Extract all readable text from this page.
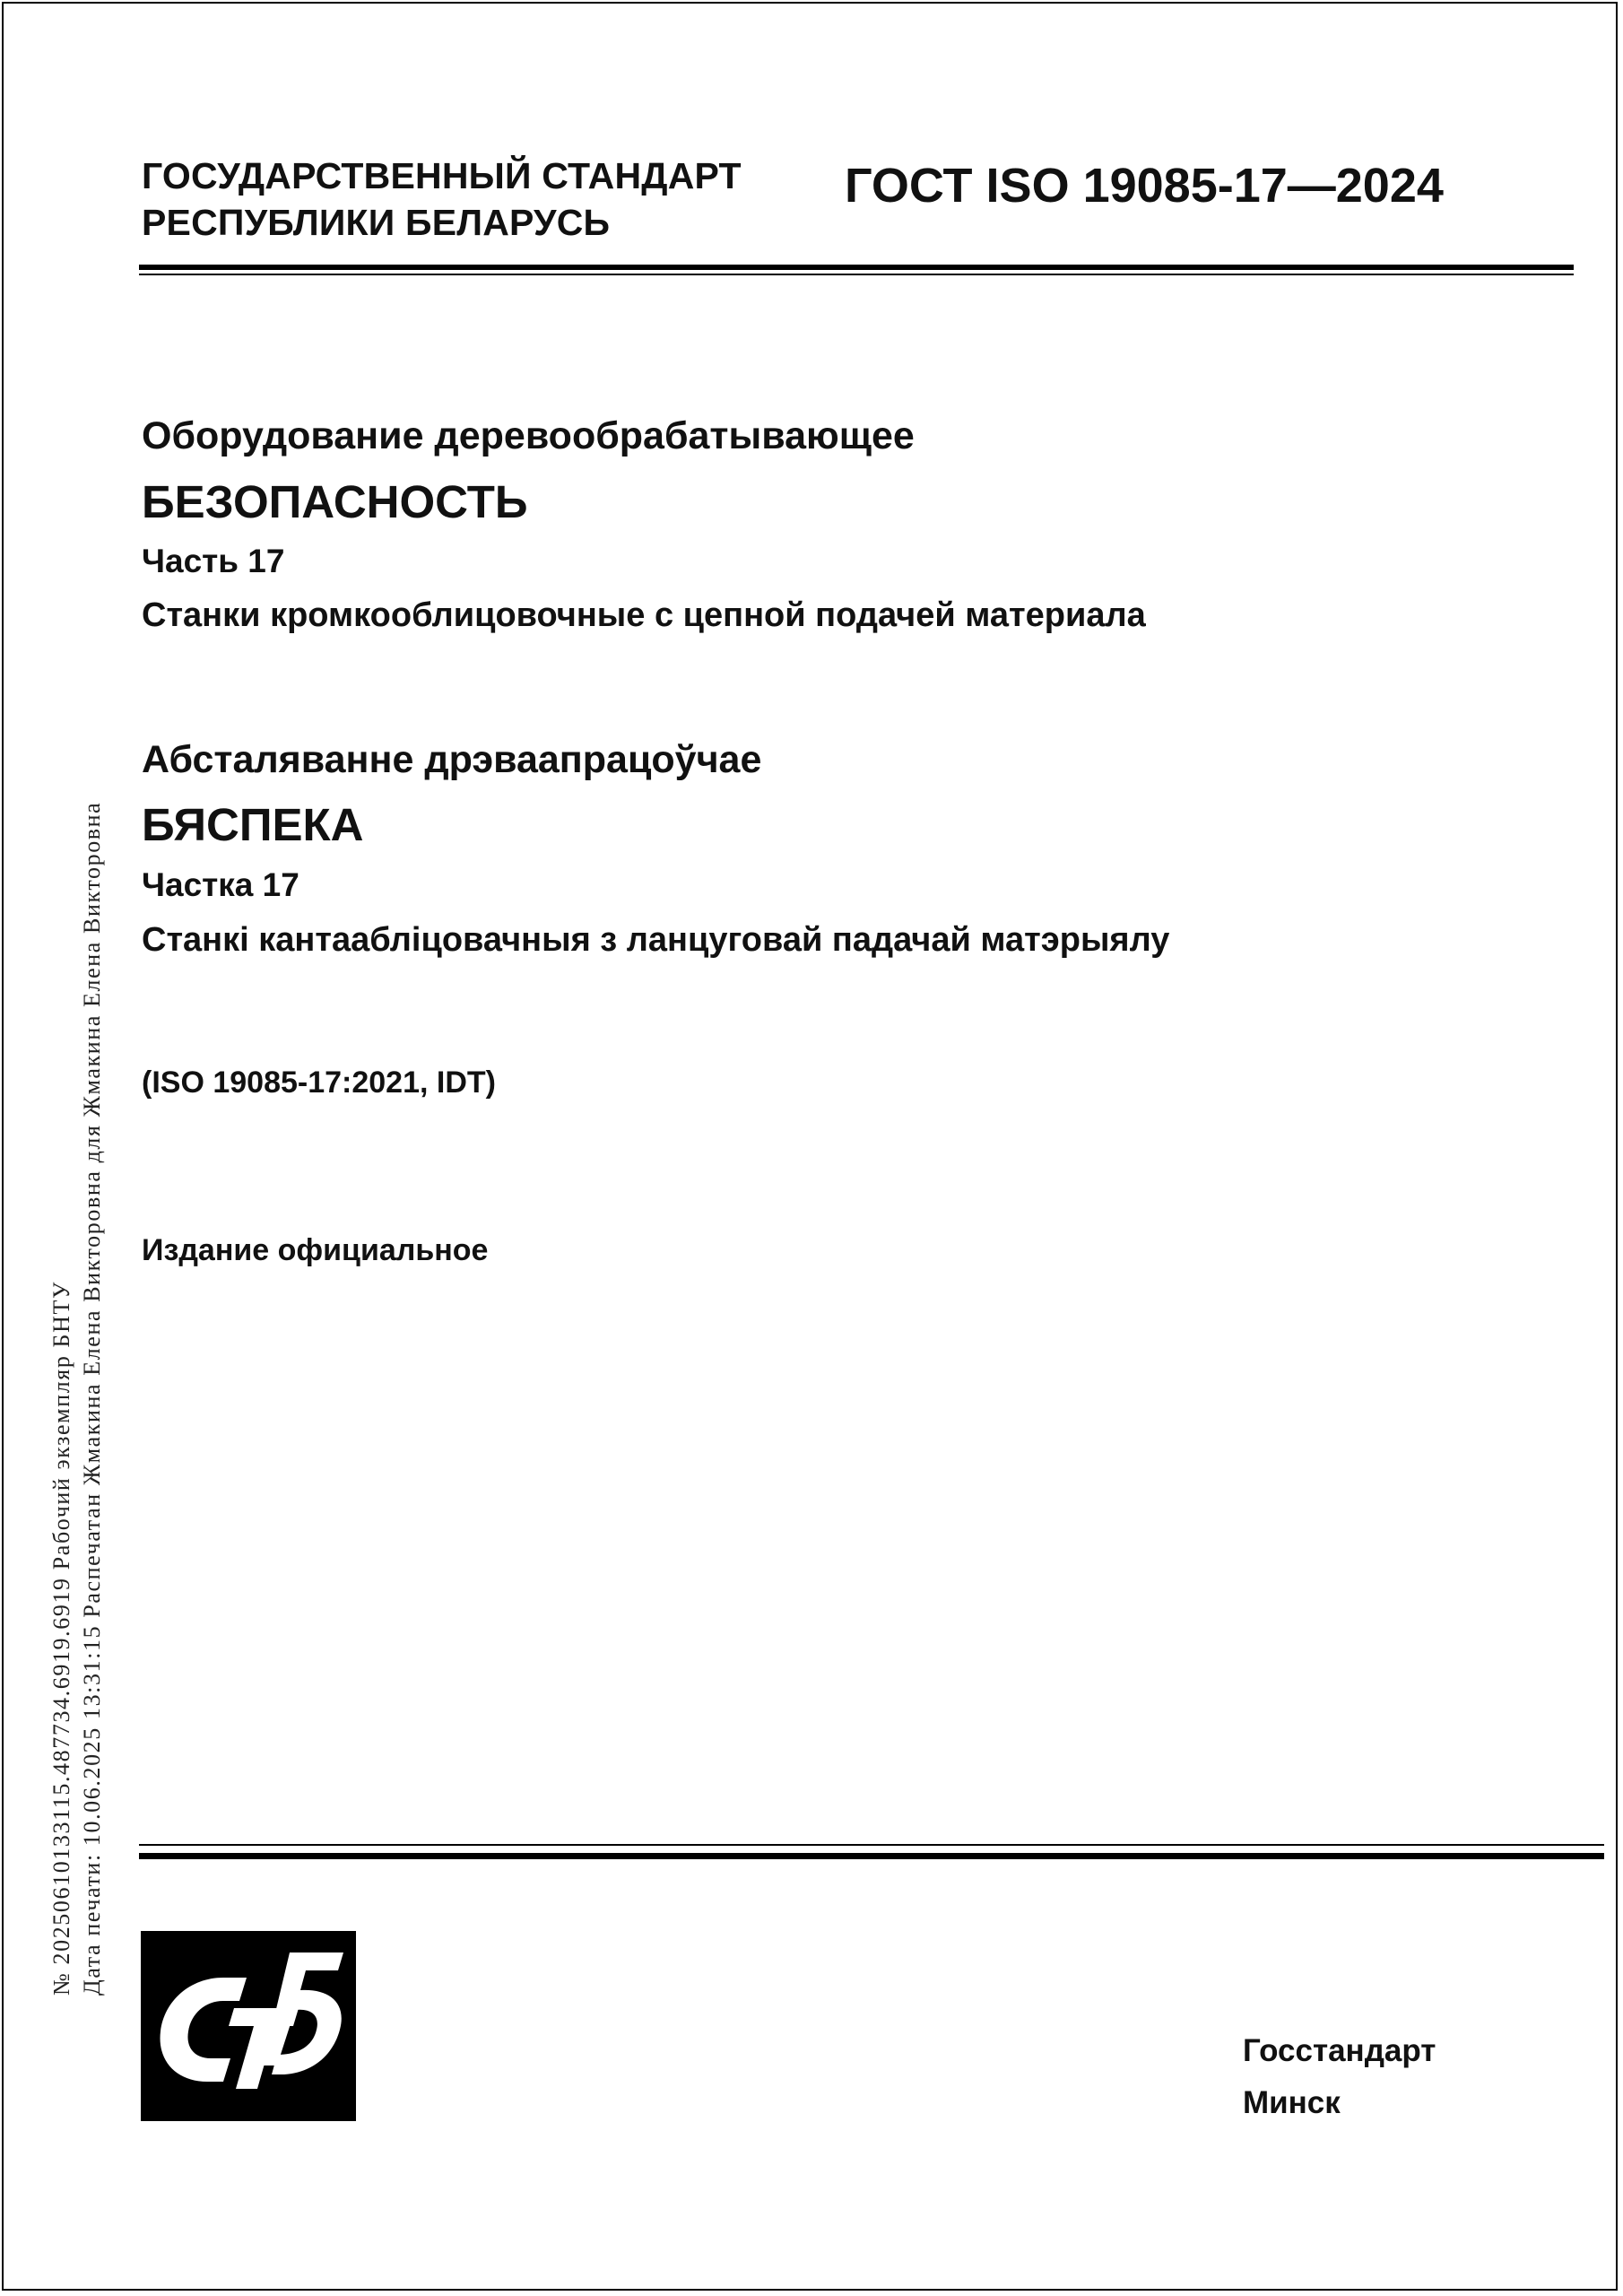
ГОСУДАРСТВЕННЫЙ СТАНДАРТ
РЕСПУБЛИКИ БЕЛАРУСЬ
ГОСТ ISO 19085-17—2024
Оборудование деревообрабатывающее
БЕЗОПАСНОСТЬ
Часть 17
Станки кромкооблицовочные с цепной подачей материала
Абсталяванне дрэваапрацоўчае
БЯСПЕКА
Частка 17
Станкі кантаабліцовачныя з ланцуговай падачай матэрыялу
(ISO 19085-17:2021, IDT)
Издание официальное
№ 20250610133115.487734.6919.6919 Рабочий экземпляр БНТУ Дата печати: 10.06.2025 13:31:15 Распечатан Жмакина Елена Викторовна для Жмакина Елена Викторовна
Госстандарт
Минск
